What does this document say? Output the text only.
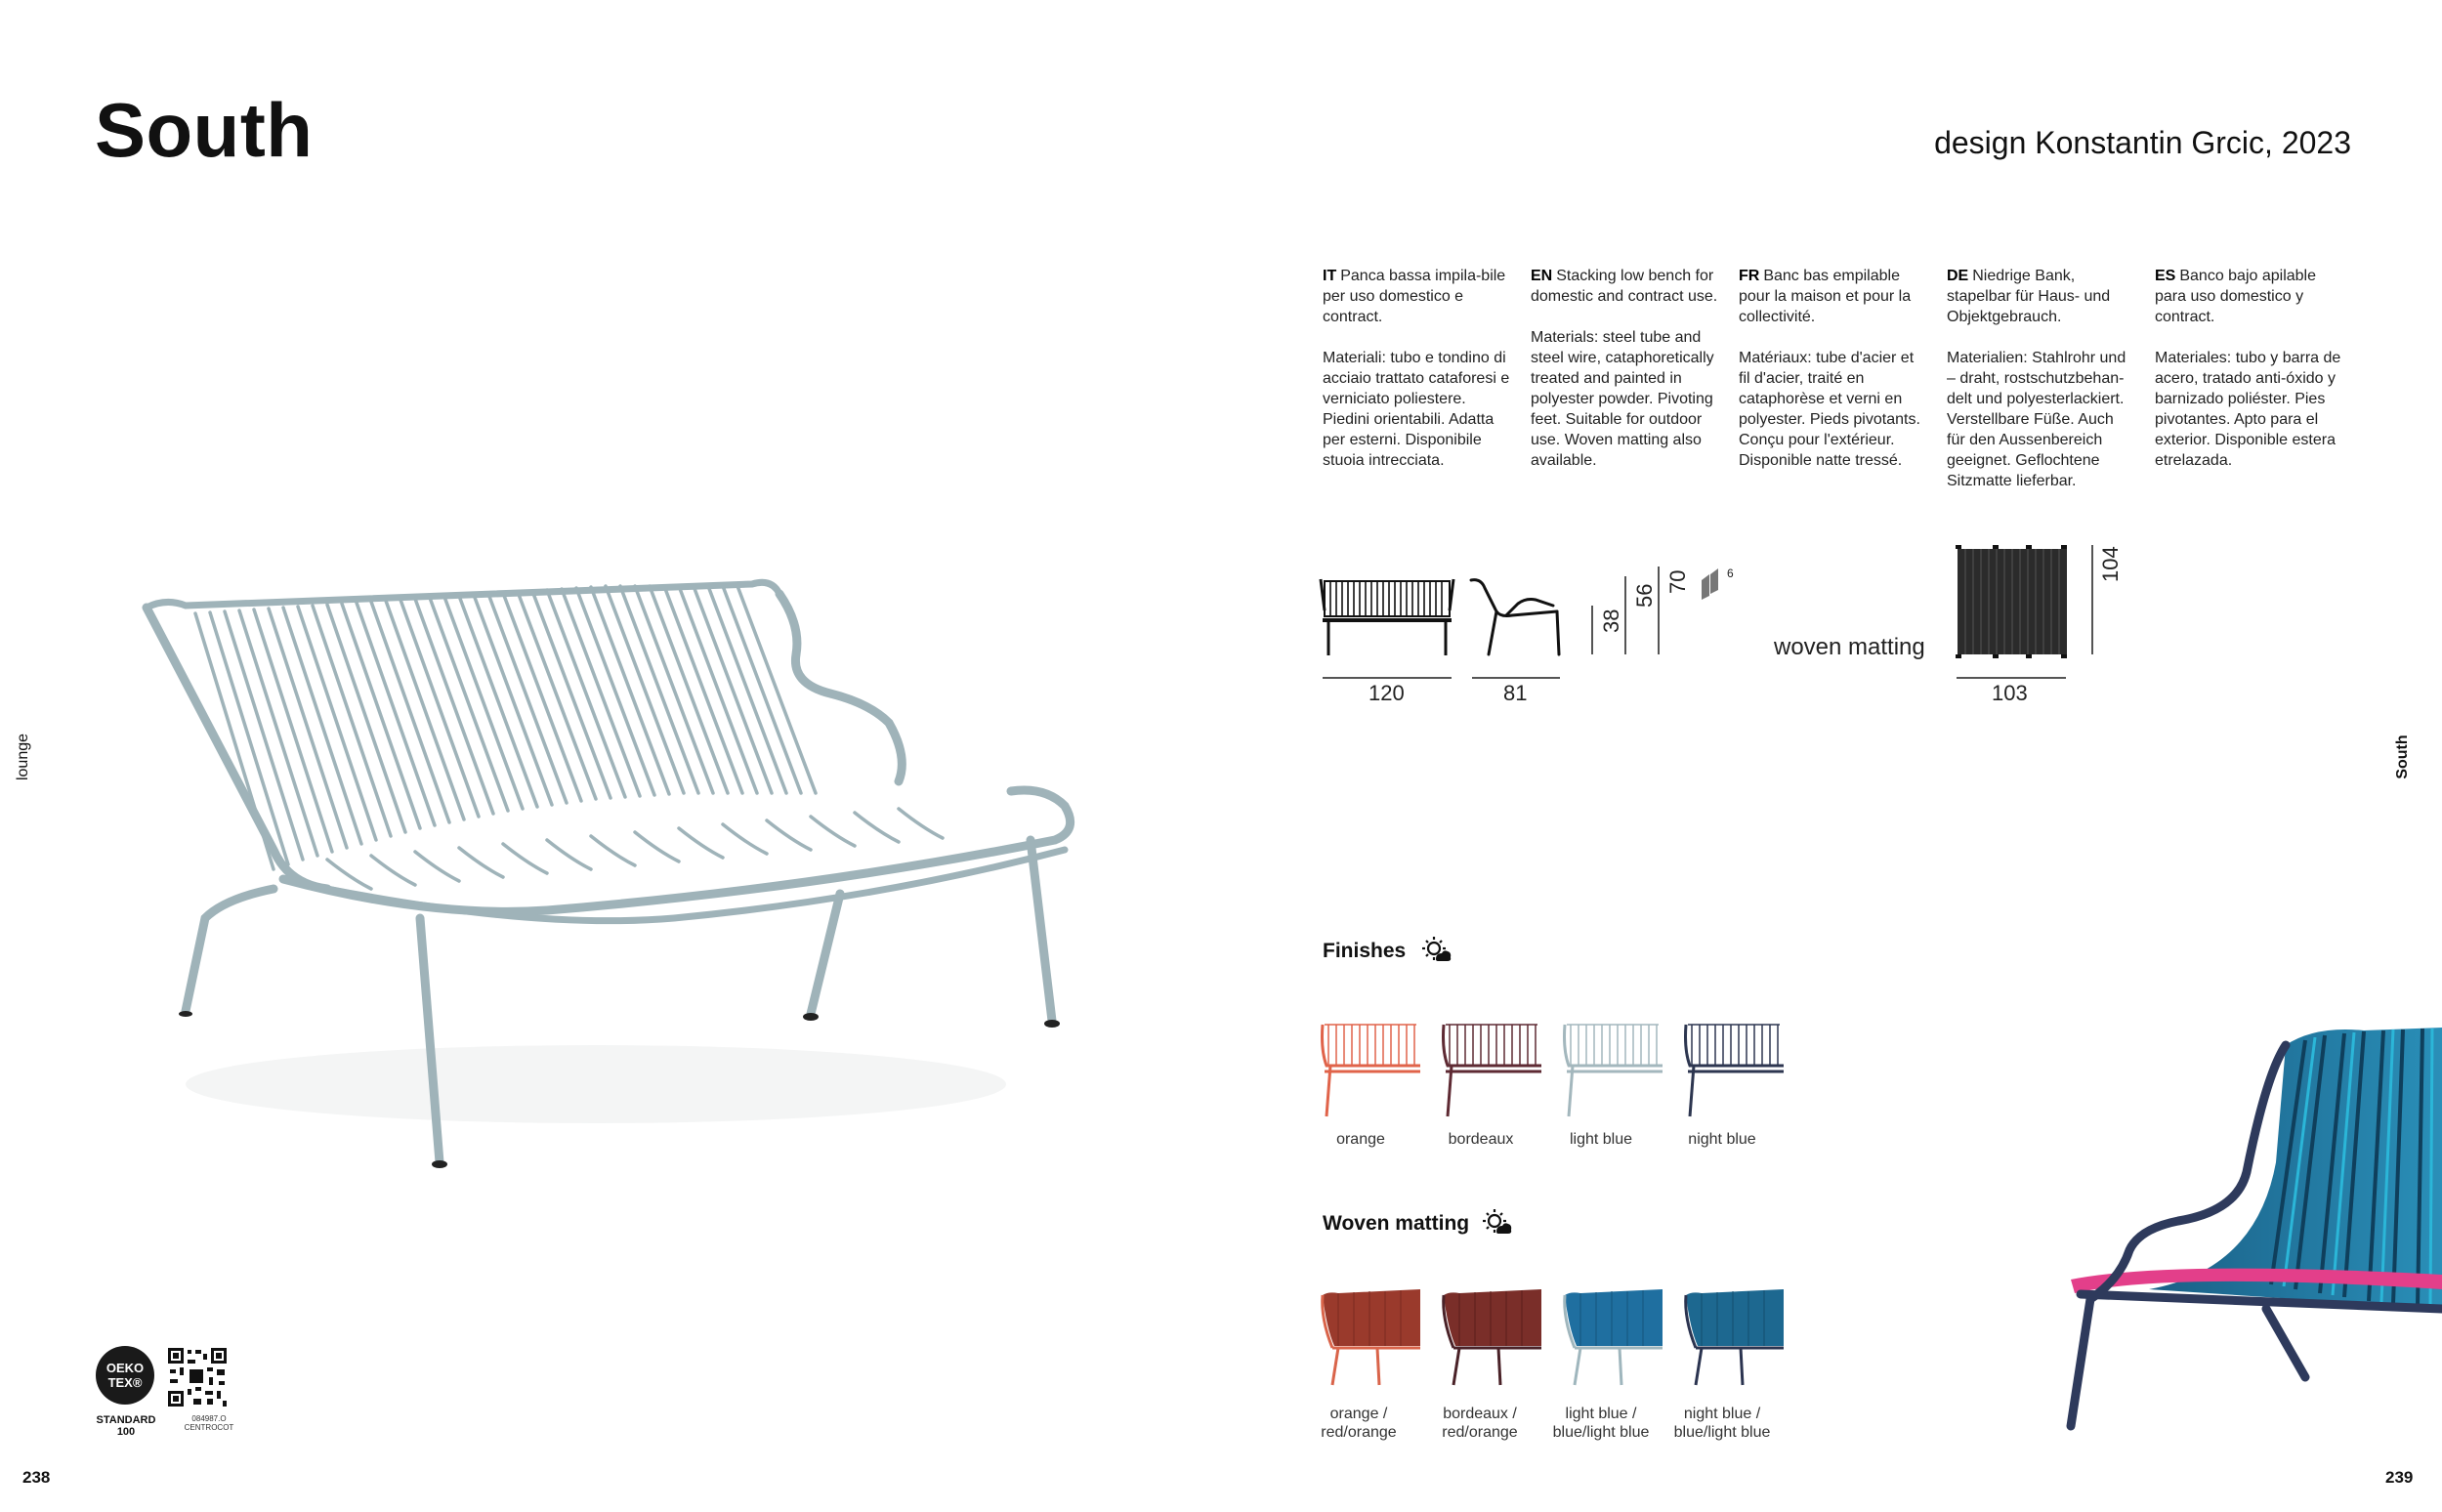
South	design Konstantin Grcic, 2023
lounge	South
238	239

IT Panca bassa impila-bile per uso domestico e contract.

Materiali: tubo e tondino di acciaio trattato cataforesi e verniciato poliestere. Piedini orientabili. Adatta per esterni. Disponibile stuoia intrecciata.

EN Stacking low bench for domestic and contract use.

Materials: steel tube and steel wire, cataphoretically treated and painted in polyester powder. Pivoting feet. Suitable for outdoor use. Woven matting also available.

FR Banc bas empilable pour la maison et pour la collectivité.

Matériaux: tube d'acier et fil d'acier, traité en cataphorèse et verni en polyester. Pieds pivotants. Conçu pour l'extérieur. Disponible natte tressé.

DE Niedrige Bank, stapelbar für Haus- und Objektgebrauch.

Materialien: Stahlrohr und – draht, rostschutzbehan-delt und polyesterlackiert. Verstellbare Füße. Auch für den Aussenbereich geeignet. Geflochtene Sitzmatte lieferbar.

ES Banco bajo apilable para uso domestico y contract.

Materiales: tubo y barra de acero, tratado anti-óxido y barnizado poliéster. Pies pivotantes. Apto para el exterior. Disponible estera etrelazada.

120	81
38
56
70	6
woven matting
103
104
Finishes
orange	bordeaux	light blue	night blue
Woven matting
orange /
red/orange
bordeaux /
red/orange
light blue /
blue/light blue
night blue /
blue/light blue
OEKO
TEX®
STANDARD
100
084987.O
CENTROCOT
